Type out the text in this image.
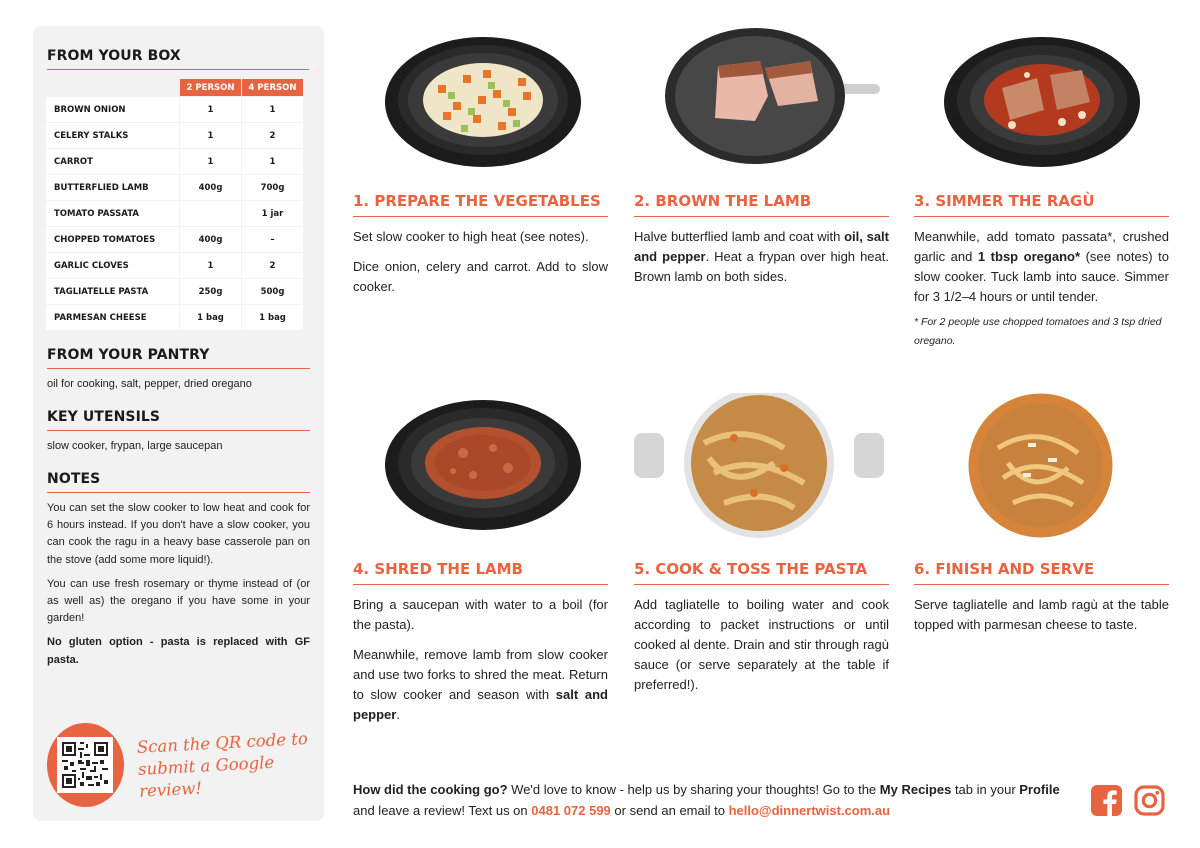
FROM YOUR BOX
	2 PERSON	4 PERSON
BROWN ONION	1	1
CELERY STALKS	1	2
CARROT	1	1
BUTTERFLIED LAMB	400g	700g
TOMATO PASSATA		1 jar
CHOPPED TOMATOES	400g	–
GARLIC CLOVES	1	2
TAGLIATELLE PASTA	250g	500g
PARMESAN CHEESE	1 bag	1 bag
FROM YOUR PANTRY

oil for cooking, salt, pepper, dried oregano

KEY UTENSILS

slow cooker, frypan, large saucepan

NOTES

You can set the slow cooker to low heat and cook for 6 hours instead. If you don't have a slow cooker, you can cook the ragu in a heavy base casserole pan on the stove (add some more liquid!).

You can use fresh rosemary or thyme instead of (or as well as) the oregano if you have some in your garden!

No gluten option - pasta is replaced with GF pasta.

Scan the QR code to
submit a Google review!
1. PREPARE THE VEGETABLES

Set slow cooker to high heat (see notes).

Dice onion, celery and carrot. Add to slow cooker.

2. BROWN THE LAMB

Halve butterflied lamb and coat with oil, salt and pepper. Heat a frypan over high heat. Brown lamb on both sides.

3. SIMMER THE RAGÙ

Meanwhile, add tomato passata*, crushed garlic and 1 tbsp oregano* (see notes) to slow cooker. Tuck lamb into sauce. Simmer for 3 1/2–4 hours or until tender.

* For 2 people use chopped tomatoes and 3 tsp dried oregano.

4. SHRED THE LAMB

Bring a saucepan with water to a boil (for the pasta).

Meanwhile, remove lamb from slow cooker and use two forks to shred the meat. Return to slow cooker and season with salt and pepper.

5. COOK & TOSS THE PASTA

Add tagliatelle to boiling water and cook according to packet instructions or until cooked al dente. Drain and stir through ragù sauce (or serve separately at the table if preferred!).

6. FINISH AND SERVE

Serve tagliatelle and lamb ragù at the table topped with parmesan cheese to taste.

How did the cooking go? We'd love to know - help us by sharing your thoughts! Go to the My Recipes tab in your Profile and leave a review! Text us on 0481 072 599 or send an email to hello@dinnertwist.com.au
